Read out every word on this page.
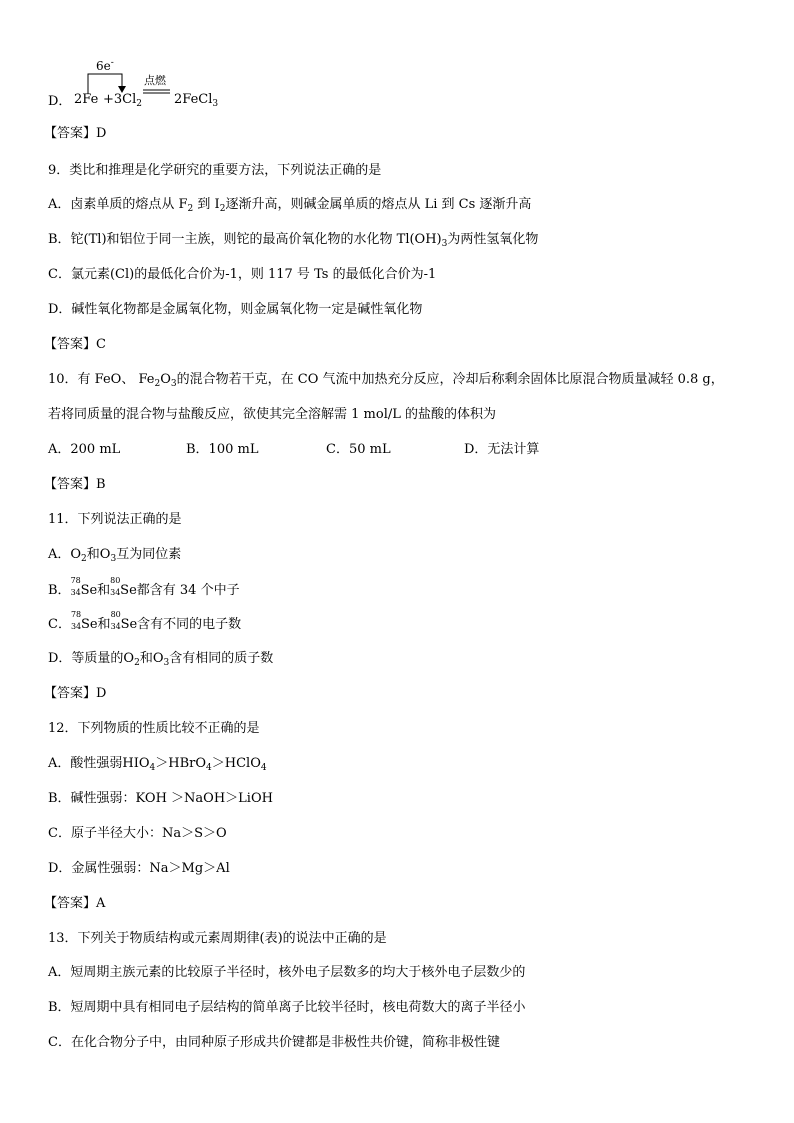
D．
6e-
点燃
$2Fe +3Cl_2$ 2FeCl$_3$
【答案】D
9．类比和推理是化学研究的重要方法，下列说法正确的是
A．卤素单质的熔点从 $F_2$ 到 $I_2$逐渐升高，则碱金属单质的熔点从 Li 到 Cs 逐渐升高
B．铊(Tl)和铝位于同一主族，则铊的最高价氧化物的水化物 $Tl(OH)_3$为两性氢氧化物
C．氯元素(Cl)的最低化合价为-1，则 117 号 Ts 的最低化合价为-1
D．碱性氧化物都是金属氧化物，则金属氧化物一定是碱性氧化物
【答案】C
10．有 FeO、 $Fe_2O_3$的混合物若干克，在 CO 气流中加热充分反应，冷却后称剩余固体比原混合物质量减轻 0.8 g，
若将同质量的混合物与盐酸反应，欲使其完全溶解需 1 mol/L 的盐酸的体积为
A．200 mL	B．100 mL	C．50 mL	D．无法计算
【答案】B
11．下列说法正确的是
A．$O_2$和$O_3$互为同位素
B．
78
34 Se和
80
34 Se都含有 34 个中子
C．
78
34 Se和
80
34 Se含有不同的电子数
D．等质量的$O_2$和$O_3$含有相同的质子数
【答案】D
12．下列物质的性质比较不正确的是
A．酸性强弱$HIO_4>HBrO_4>HClO_4$
B．碱性强弱：KOH ＞NaOH＞LiOH
C．原子半径大小：Na＞S＞O
D．金属性强弱：Na＞Mg＞Al
【答案】A
13．下列关于物质结构或元素周期律(表)的说法中正确的是
A．短周期主族元素的比较原子半径时，核外电子层数多的均大于核外电子层数少的
B．短周期中具有相同电子层结构的简单离子比较半径时，核电荷数大的离子半径小
C．在化合物分子中，由同种原子形成共价键都是非极性共价键，简称非极性键
